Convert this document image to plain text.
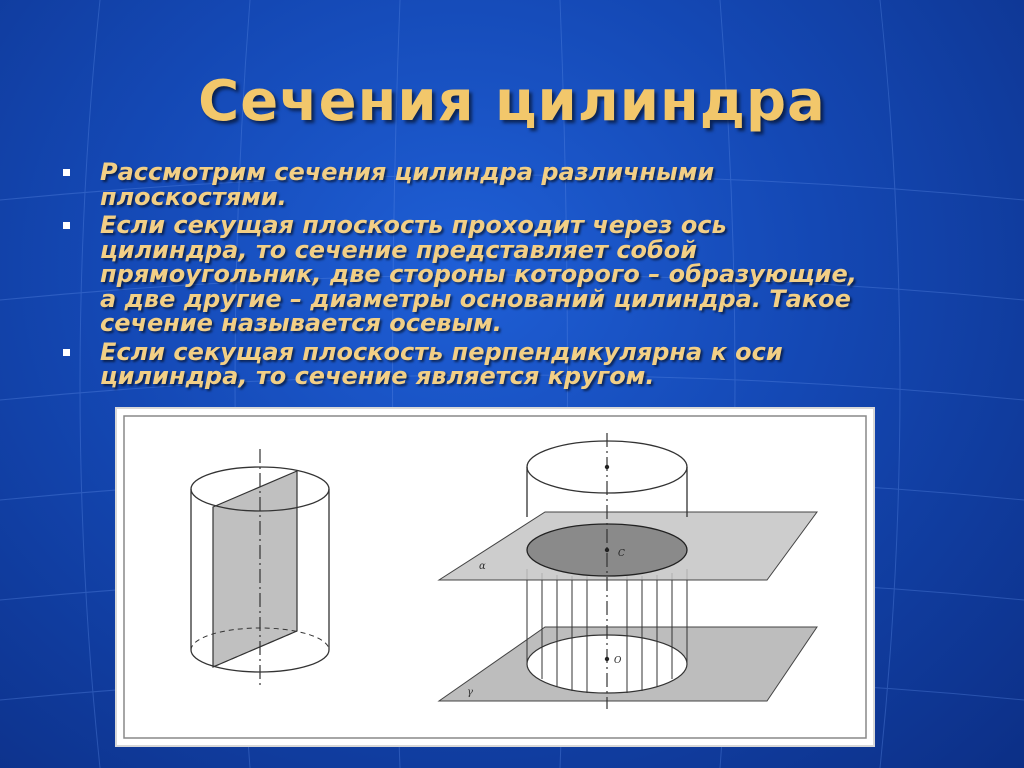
Сечения цилиндра
Рассмотрим сечения цилиндра различными плоскостями.
Если секущая плоскость проходит через ось цилиндра, то сечение представляет собой прямоугольник, две стороны которого – образующие, а две другие – диаметры оснований цилиндра. Такое сечение называется осевым.
Если секущая плоскость перпендикулярна к оси цилиндра, то сечение является кругом.
α
γ
C
O
